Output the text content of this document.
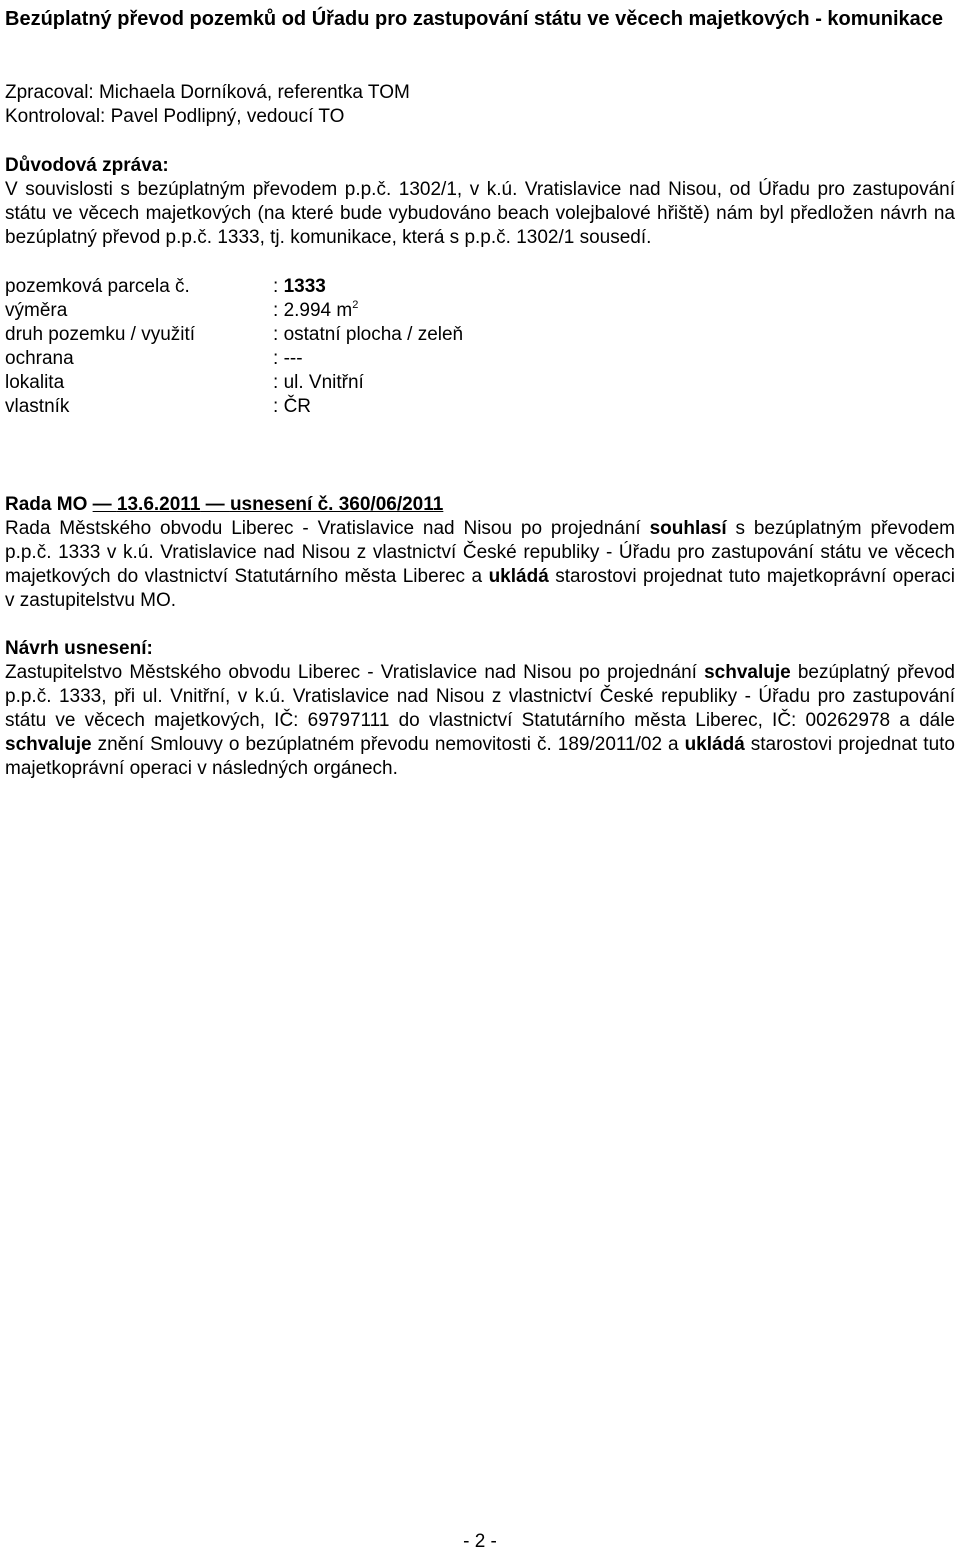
Bezúplatný převod pozemků od Úřadu pro zastupování státu ve věcech majetkových - komunikace
Zpracoval: Michaela Dorníková, referentka TOM
Kontroloval: Pavel Podlipný, vedoucí TO
Důvodová zpráva:
V souvislosti s bezúplatným převodem p.p.č. 1302/1, v k.ú. Vratislavice nad Nisou, od Úřadu pro zastupování státu ve věcech majetkových (na které bude vybudováno beach volejbalové hřiště) nám byl předložen návrh na bezúplatný převod p.p.č. 1333, tj. komunikace, která s p.p.č. 1302/1 sousedí.
pozemková parcela č.	: 1333
výměra	: 2.994 $m^2$
druh pozemku / využití	: ostatní plocha / zeleň
ochrana	: ---
lokalita	: ul. Vnitřní
vlastník	: ČR
Rada MO — 13.6.2011 — usnesení č. 360/06/2011
Rada Městského obvodu Liberec - Vratislavice nad Nisou po projednání souhlasí s bezúplatným převodem p.p.č. 1333 v k.ú. Vratislavice nad Nisou z vlastnictví České republiky - Úřadu pro zastupování státu ve věcech majetkových do vlastnictví Statutárního města Liberec a ukládá starostovi projednat tuto majetkoprávní operaci v zastupitelstvu MO.
Návrh usnesení:
Zastupitelstvo Městského obvodu Liberec - Vratislavice nad Nisou po projednání schvaluje bezúplatný převod p.p.č. 1333, při ul. Vnitřní, v k.ú. Vratislavice nad Nisou z vlastnictví České republiky - Úřadu pro zastupování státu ve věcech majetkových, IČ: 69797111 do vlastnictví Statutárního města Liberec, IČ: 00262978 a dále schvaluje znění Smlouvy o bezúplatném převodu nemovitosti č. 189/2011/02 a ukládá starostovi projednat tuto majetkoprávní operaci v následných orgánech.
- 2 -
